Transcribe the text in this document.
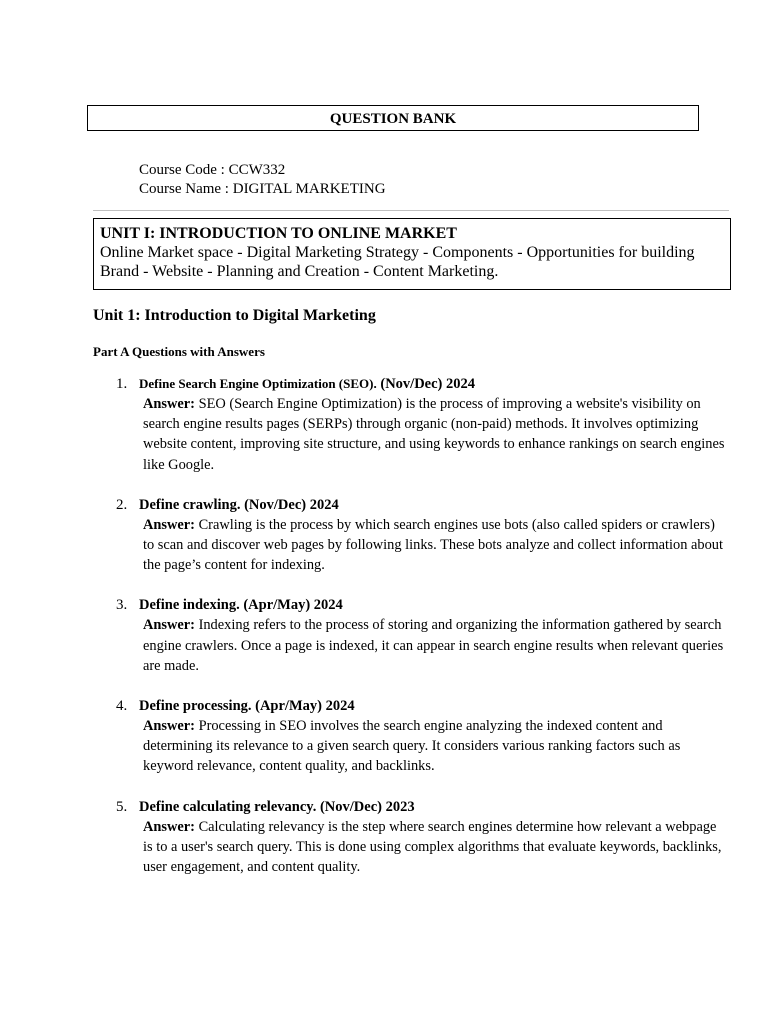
QUESTION BANK
Course Code : CCW332
Course Name : DIGITAL MARKETING
UNIT I: INTRODUCTION TO ONLINE MARKET
Online Market space - Digital Marketing Strategy - Components - Opportunities for building Brand - Website - Planning and Creation - Content Marketing.
Unit 1: Introduction to Digital Marketing
Part A Questions with Answers
1. Define Search Engine Optimization (SEO). (Nov/Dec) 2024
Answer: SEO (Search Engine Optimization) is the process of improving a website's visibility on search engine results pages (SERPs) through organic (non-paid) methods. It involves optimizing website content, improving site structure, and using keywords to enhance rankings on search engines like Google.
2. Define crawling. (Nov/Dec) 2024
Answer: Crawling is the process by which search engines use bots (also called spiders or crawlers) to scan and discover web pages by following links. These bots analyze and collect information about the page’s content for indexing.
3. Define indexing. (Apr/May) 2024
Answer: Indexing refers to the process of storing and organizing the information gathered by search engine crawlers. Once a page is indexed, it can appear in search engine results when relevant queries are made.
4. Define processing. (Apr/May) 2024
Answer: Processing in SEO involves the search engine analyzing the indexed content and determining its relevance to a given search query. It considers various ranking factors such as keyword relevance, content quality, and backlinks.
5. Define calculating relevancy. (Nov/Dec) 2023
Answer: Calculating relevancy is the step where search engines determine how relevant a webpage is to a user's search query. This is done using complex algorithms that evaluate keywords, backlinks, user engagement, and content quality.
